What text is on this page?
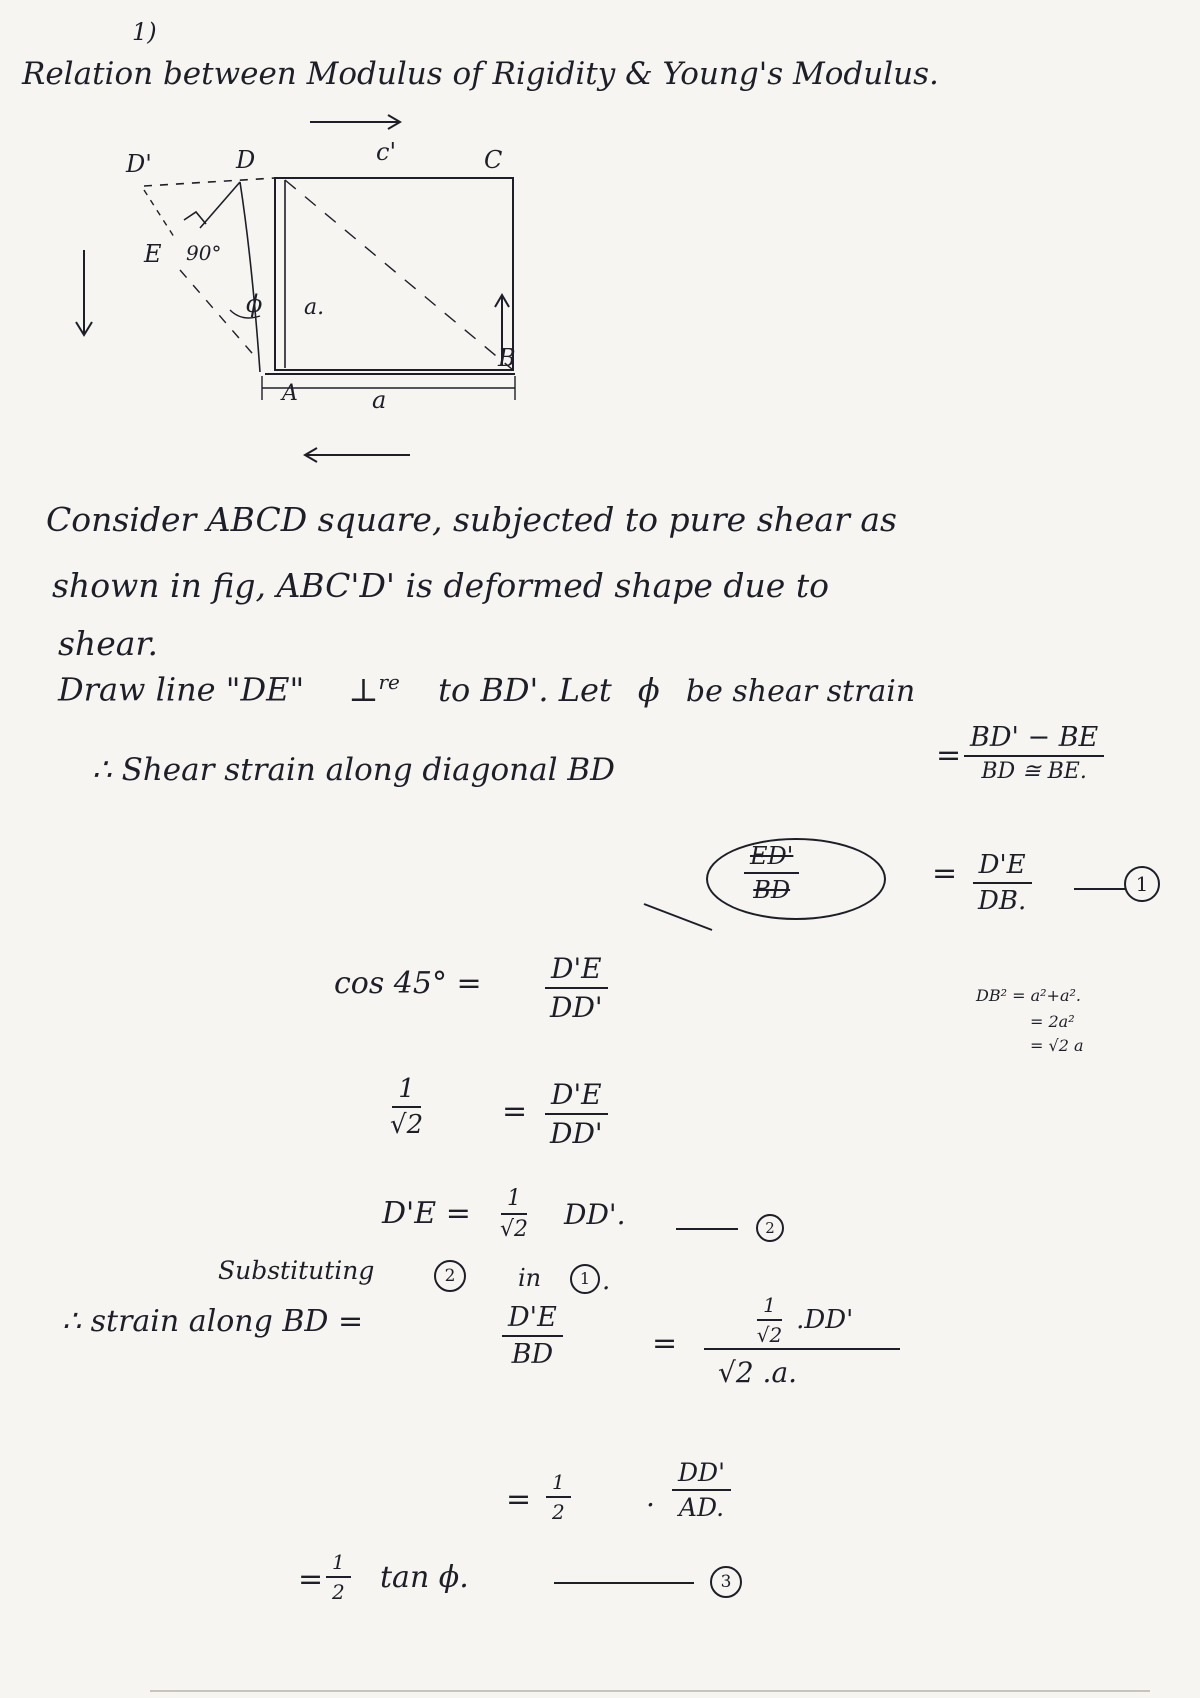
1)
Relation between Modulus of Rigidity & Young's Modulus.
D'	D	c'	C
E 90°
ϕ a.
a
B
A
Consider ABCD square, subjected to pure shear as
shown in fig, ABC'D' is deformed shape due to
shear.
Draw line "DE" ⊥$^{re}$ to BD'. Let ϕ be shear strain
∴ Shear strain along diagonal BD	=
BD' − BE
BD ≅ BE.
$\frac{ED'}{BD}$	= $\frac{D'E}{DB.}$	1
DB² = a²+a².
= 2a²
= √2 a
$\cos 45^\circ = \frac{D'E}{DD'}$
$\frac{1}{√2} = \frac{D'E}{DD'}$
$D'E = \frac{1}{√2} DD'$.	2
Substituting	2	in	1 .
∴ strain along BD =	$\frac{D'E}{BD}$	=	$\frac{1}{√2} .DD'$
√2 .a.
= $\frac{1}{2}$	. $\frac{DD'}{AD.}$
= $\frac{1}{2}$ tan ϕ.	3
